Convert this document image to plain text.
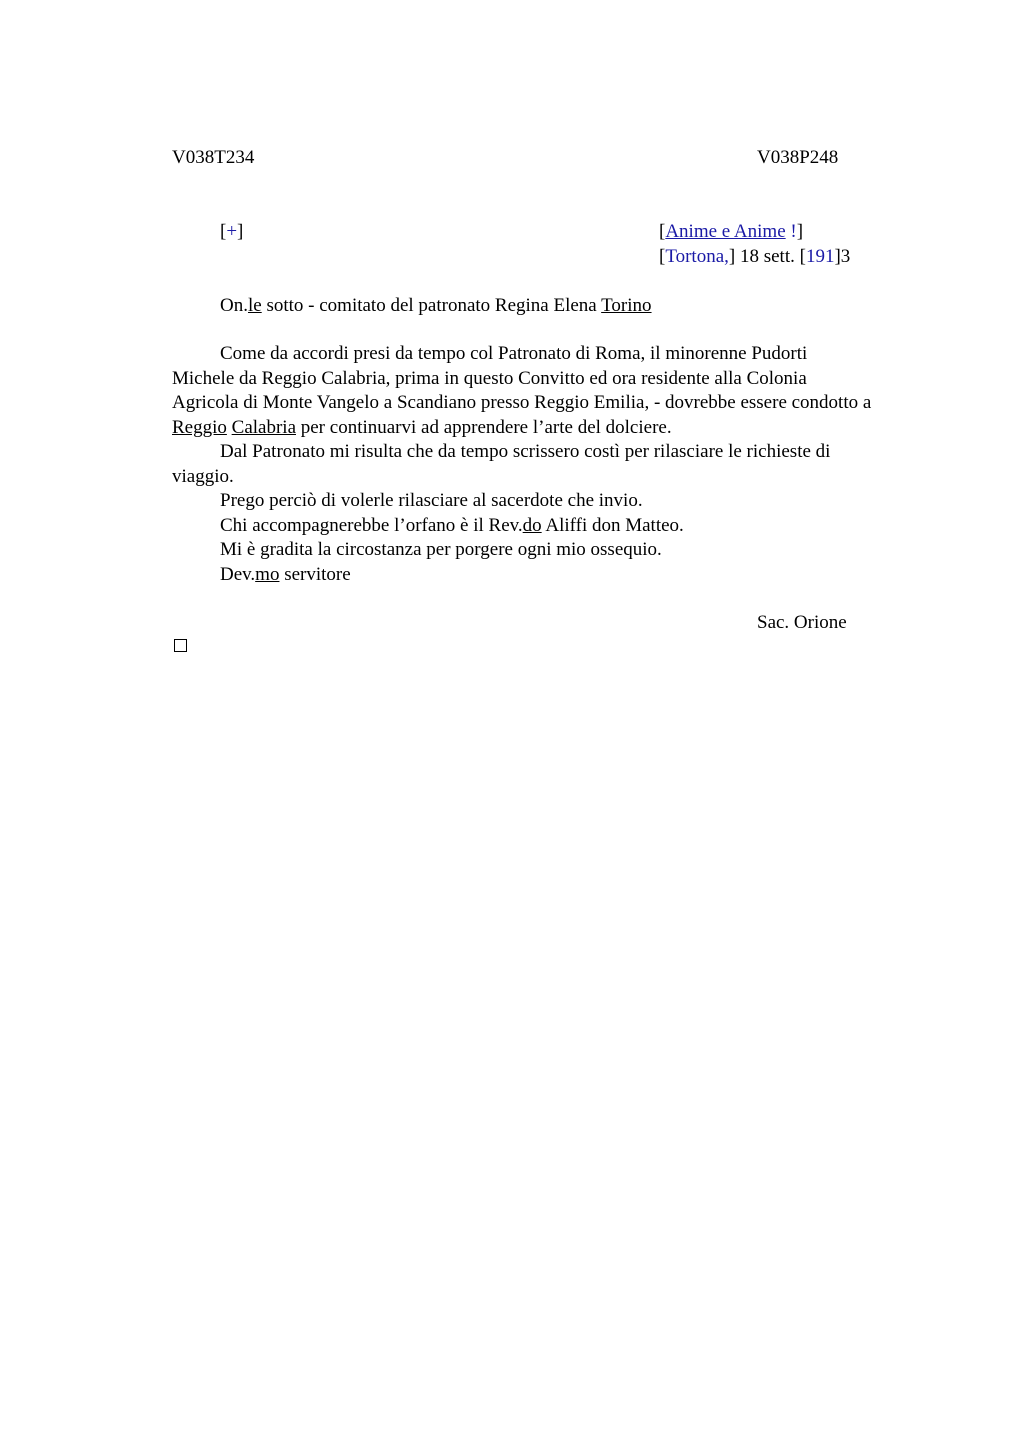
V038T234	V038P248
[+]	[Anime e Anime !]
[Tortona,] 18 sett. [191]3
On.le sotto - comitato del patronato Regina Elena Torino

Come da accordi presi da tempo col Patronato di Roma, il minorenne Pudorti Michele da Reggio Calabria, prima in questo Convitto ed ora residente alla Colonia Agricola di Monte Vangelo a Scandiano presso Reggio Emilia, - dovrebbe essere condotto a Reggio Calabria per continuarvi ad apprendere l’arte del dolciere.

Dal Patronato mi risulta che da tempo scrissero costì per rilasciare le richieste di viaggio.

Prego perciò di volerle rilasciare al sacerdote che invio.

Chi accompagnerebbe l’orfano è il Rev.do Aliffi don Matteo.

Mi è gradita la circostanza per porgere ogni mio ossequio.

Dev.mo servitore

Sac. Orione
